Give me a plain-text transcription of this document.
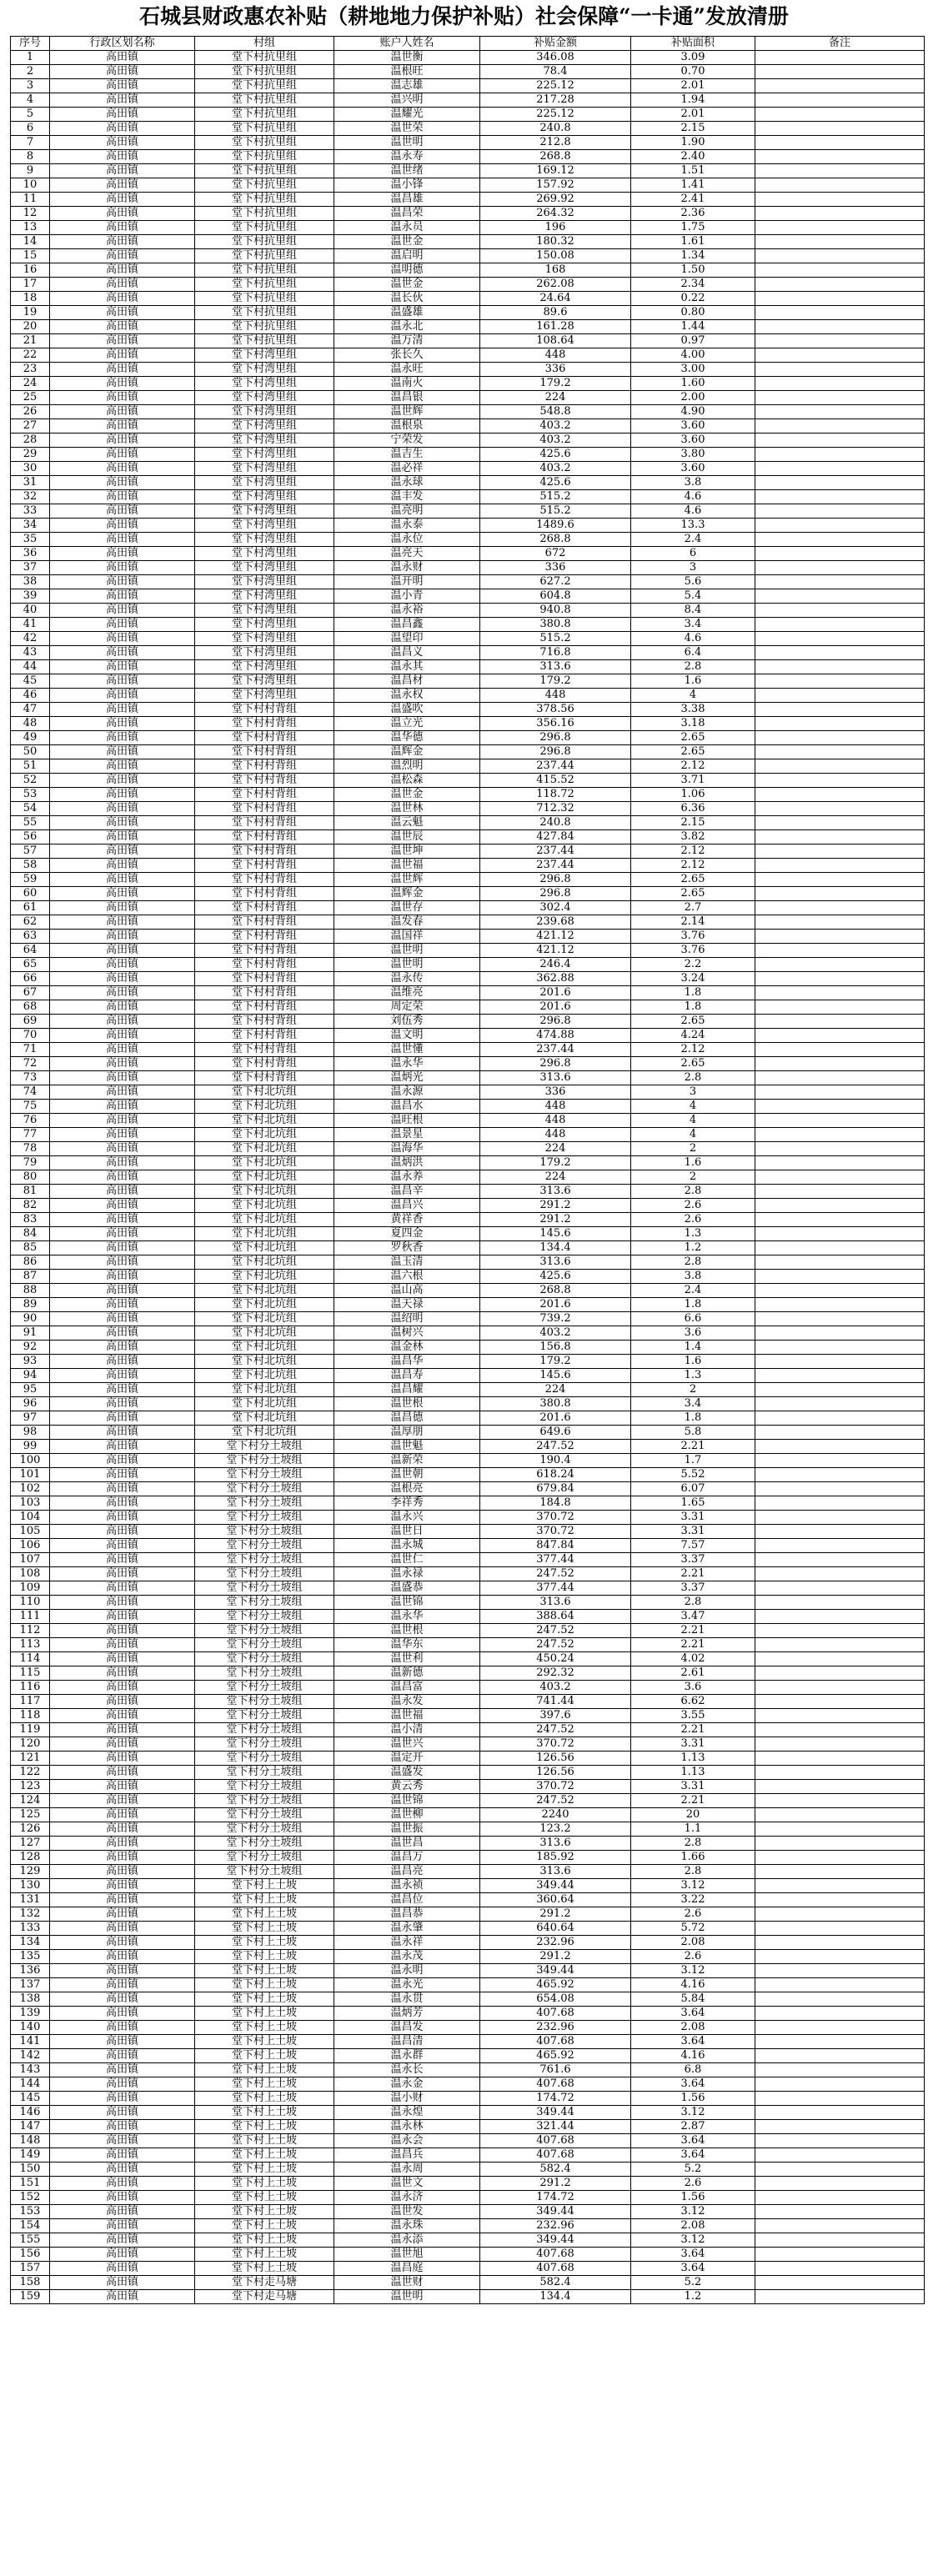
石城县财政惠农补贴（耕地地力保护补贴）社会保障“一卡通”发放清册
序号	行政区划名称	村组	账户人姓名	补贴金额	补贴面积	备注
1	高田镇	堂下村抗里组	温世衡	346.08	3.09	
2	高田镇	堂下村抗里组	温根旺	78.4	0.70	
3	高田镇	堂下村抗里组	温志雄	225.12	2.01	
4	高田镇	堂下村抗里组	温兴明	217.28	1.94	
5	高田镇	堂下村抗里组	温耀光	225.12	2.01	
6	高田镇	堂下村抗里组	温世荣	240.8	2.15	
7	高田镇	堂下村抗里组	温世明	212.8	1.90	
8	高田镇	堂下村抗里组	温永寿	268.8	2.40	
9	高田镇	堂下村抗里组	温世绪	169.12	1.51	
10	高田镇	堂下村抗里组	温小锋	157.92	1.41	
11	高田镇	堂下村抗里组	温昌雄	269.92	2.41	
12	高田镇	堂下村抗里组	温昌荣	264.32	2.36	
13	高田镇	堂下村抗里组	温永员	196	1.75	
14	高田镇	堂下村抗里组	温世金	180.32	1.61	
15	高田镇	堂下村抗里组	温启明	150.08	1.34	
16	高田镇	堂下村抗里组	温明德	168	1.50	
17	高田镇	堂下村抗里组	温世金	262.08	2.34	
18	高田镇	堂下村抗里组	温长伙	24.64	0.22	
19	高田镇	堂下村抗里组	温盛雄	89.6	0.80	
20	高田镇	堂下村抗里组	温永北	161.28	1.44	
21	高田镇	堂下村抗里组	温万清	108.64	0.97	
22	高田镇	堂下村湾里组	张长久	448	4.00	
23	高田镇	堂下村湾里组	温永旺	336	3.00	
24	高田镇	堂下村湾里组	温南火	179.2	1.60	
25	高田镇	堂下村湾里组	温昌银	224	2.00	
26	高田镇	堂下村湾里组	温世辉	548.8	4.90	
27	高田镇	堂下村湾里组	温根泉	403.2	3.60	
28	高田镇	堂下村湾里组	宁荣发	403.2	3.60	
29	高田镇	堂下村湾里组	温吉生	425.6	3.80	
30	高田镇	堂下村湾里组	温必祥	403.2	3.60	
31	高田镇	堂下村湾里组	温永球	425.6	3.8	
32	高田镇	堂下村湾里组	温丰发	515.2	4.6	
33	高田镇	堂下村湾里组	温亮明	515.2	4.6	
34	高田镇	堂下村湾里组	温永泰	1489.6	13.3	
35	高田镇	堂下村湾里组	温永位	268.8	2.4	
36	高田镇	堂下村湾里组	温亮天	672	6	
37	高田镇	堂下村湾里组	温永财	336	3	
38	高田镇	堂下村湾里组	温开明	627.2	5.6	
39	高田镇	堂下村湾里组	温小青	604.8	5.4	
40	高田镇	堂下村湾里组	温永裕	940.8	8.4	
41	高田镇	堂下村湾里组	温昌鑫	380.8	3.4	
42	高田镇	堂下村湾里组	温望印	515.2	4.6	
43	高田镇	堂下村湾里组	温昌义	716.8	6.4	
44	高田镇	堂下村湾里组	温永其	313.6	2.8	
45	高田镇	堂下村湾里组	温昌材	179.2	1.6	
46	高田镇	堂下村湾里组	温永权	448	4	
47	高田镇	堂下村村背组	温盛吹	378.56	3.38	
48	高田镇	堂下村村背组	温立光	356.16	3.18	
49	高田镇	堂下村村背组	温华德	296.8	2.65	
50	高田镇	堂下村村背组	温辉金	296.8	2.65	
51	高田镇	堂下村村背组	温烈明	237.44	2.12	
52	高田镇	堂下村村背组	温松森	415.52	3.71	
53	高田镇	堂下村村背组	温世金	118.72	1.06	
54	高田镇	堂下村村背组	温世林	712.32	6.36	
55	高田镇	堂下村村背组	温云魁	240.8	2.15	
56	高田镇	堂下村村背组	温世辰	427.84	3.82	
57	高田镇	堂下村村背组	温世坤	237.44	2.12	
58	高田镇	堂下村村背组	温世福	237.44	2.12	
59	高田镇	堂下村村背组	温世辉	296.8	2.65	
60	高田镇	堂下村村背组	温辉金	296.8	2.65	
61	高田镇	堂下村村背组	温世存	302.4	2.7	
62	高田镇	堂下村村背组	温发春	239.68	2.14	
63	高田镇	堂下村村背组	温国祥	421.12	3.76	
64	高田镇	堂下村村背组	温世明	421.12	3.76	
65	高田镇	堂下村村背组	温世明	246.4	2.2	
66	高田镇	堂下村村背组	温永传	362.88	3.24	
67	高田镇	堂下村村背组	温维亮	201.6	1.8	
68	高田镇	堂下村村背组	周定荣	201.6	1.8	
69	高田镇	堂下村村背组	刘伍秀	296.8	2.65	
70	高田镇	堂下村村背组	温文明	474.88	4.24	
71	高田镇	堂下村村背组	温世懂	237.44	2.12	
72	高田镇	堂下村村背组	温永华	296.8	2.65	
73	高田镇	堂下村村背组	温炳光	313.6	2.8	
74	高田镇	堂下村北坑组	温永源	336	3	
75	高田镇	堂下村北坑组	温昌水	448	4	
76	高田镇	堂下村北坑组	温旺根	448	4	
77	高田镇	堂下村北坑组	温景星	448	4	
78	高田镇	堂下村北坑组	温海华	224	2	
79	高田镇	堂下村北坑组	温炳洪	179.2	1.6	
80	高田镇	堂下村北坑组	温永养	224	2	
81	高田镇	堂下村北坑组	温昌辛	313.6	2.8	
82	高田镇	堂下村北坑组	温昌兴	291.2	2.6	
83	高田镇	堂下村北坑组	黄祥香	291.2	2.6	
84	高田镇	堂下村北坑组	夏四金	145.6	1.3	
85	高田镇	堂下村北坑组	罗秋香	134.4	1.2	
86	高田镇	堂下村北坑组	温玉清	313.6	2.8	
87	高田镇	堂下村北坑组	温六根	425.6	3.8	
88	高田镇	堂下村北坑组	温山高	268.8	2.4	
89	高田镇	堂下村北坑组	温天禄	201.6	1.8	
90	高田镇	堂下村北坑组	温绍明	739.2	6.6	
91	高田镇	堂下村北坑组	温树兴	403.2	3.6	
92	高田镇	堂下村北坑组	温金林	156.8	1.4	
93	高田镇	堂下村北坑组	温昌华	179.2	1.6	
94	高田镇	堂下村北坑组	温昌寿	145.6	1.3	
95	高田镇	堂下村北坑组	温昌耀	224	2	
96	高田镇	堂下村北坑组	温世根	380.8	3.4	
97	高田镇	堂下村北坑组	温昌德	201.6	1.8	
98	高田镇	堂下村北坑组	温厚朋	649.6	5.8	
99	高田镇	堂下村分土坡组	温世魁	247.52	2.21	
100	高田镇	堂下村分土坡组	温新荣	190.4	1.7	
101	高田镇	堂下村分土坡组	温世朝	618.24	5.52	
102	高田镇	堂下村分土坡组	温根亮	679.84	6.07	
103	高田镇	堂下村分土坡组	李祥秀	184.8	1.65	
104	高田镇	堂下村分土坡组	温永兴	370.72	3.31	
105	高田镇	堂下村分土坡组	温世日	370.72	3.31	
106	高田镇	堂下村分土坡组	温永城	847.84	7.57	
107	高田镇	堂下村分土坡组	温世仁	377.44	3.37	
108	高田镇	堂下村分土坡组	温永禄	247.52	2.21	
109	高田镇	堂下村分土坡组	温盛恭	377.44	3.37	
110	高田镇	堂下村分土坡组	温世锦	313.6	2.8	
111	高田镇	堂下村分土坡组	温永华	388.64	3.47	
112	高田镇	堂下村分土坡组	温世根	247.52	2.21	
113	高田镇	堂下村分土坡组	温华东	247.52	2.21	
114	高田镇	堂下村分土坡组	温世利	450.24	4.02	
115	高田镇	堂下村分土坡组	温新德	292.32	2.61	
116	高田镇	堂下村分土坡组	温昌富	403.2	3.6	
117	高田镇	堂下村分土坡组	温永发	741.44	6.62	
118	高田镇	堂下村分土坡组	温世福	397.6	3.55	
119	高田镇	堂下村分土坡组	温小清	247.52	2.21	
120	高田镇	堂下村分土坡组	温世兴	370.72	3.31	
121	高田镇	堂下村分土坡组	温定开	126.56	1.13	
122	高田镇	堂下村分土坡组	温盛发	126.56	1.13	
123	高田镇	堂下村分土坡组	黄云秀	370.72	3.31	
124	高田镇	堂下村分土坡组	温世锦	247.52	2.21	
125	高田镇	堂下村分土坡组	温世柳	2240	20	
126	高田镇	堂下村分土坡组	温世振	123.2	1.1	
127	高田镇	堂下村分土坡组	温世昌	313.6	2.8	
128	高田镇	堂下村分土坡组	温昌万	185.92	1.66	
129	高田镇	堂下村分土坡组	温昌亮	313.6	2.8	
130	高田镇	堂下村上土坡	温永祯	349.44	3.12	
131	高田镇	堂下村上土坡	温昌位	360.64	3.22	
132	高田镇	堂下村上土坡	温昌恭	291.2	2.6	
133	高田镇	堂下村上土坡	温永肇	640.64	5.72	
134	高田镇	堂下村上土坡	温永祥	232.96	2.08	
135	高田镇	堂下村上土坡	温永茂	291.2	2.6	
136	高田镇	堂下村上土坡	温永明	349.44	3.12	
137	高田镇	堂下村上土坡	温永光	465.92	4.16	
138	高田镇	堂下村上土坡	温永贯	654.08	5.84	
139	高田镇	堂下村上土坡	温炳芳	407.68	3.64	
140	高田镇	堂下村上土坡	温昌发	232.96	2.08	
141	高田镇	堂下村上土坡	温昌清	407.68	3.64	
142	高田镇	堂下村上土坡	温永群	465.92	4.16	
143	高田镇	堂下村上土坡	温永长	761.6	6.8	
144	高田镇	堂下村上土坡	温永金	407.68	3.64	
145	高田镇	堂下村上土坡	温小财	174.72	1.56	
146	高田镇	堂下村上土坡	温永煌	349.44	3.12	
147	高田镇	堂下村上土坡	温永林	321.44	2.87	
148	高田镇	堂下村上土坡	温永会	407.68	3.64	
149	高田镇	堂下村上土坡	温昌兵	407.68	3.64	
150	高田镇	堂下村上土坡	温永周	582.4	5.2	
151	高田镇	堂下村上土坡	温世文	291.2	2.6	
152	高田镇	堂下村上土坡	温永济	174.72	1.56	
153	高田镇	堂下村上土坡	温世发	349.44	3.12	
154	高田镇	堂下村上土坡	温永珠	232.96	2.08	
155	高田镇	堂下村上土坡	温永添	349.44	3.12	
156	高田镇	堂下村上土坡	温世旭	407.68	3.64	
157	高田镇	堂下村上土坡	温昌庭	407.68	3.64	
158	高田镇	堂下村走马塘	温世财	582.4	5.2	
159	高田镇	堂下村走马塘	温世明	134.4	1.2	
